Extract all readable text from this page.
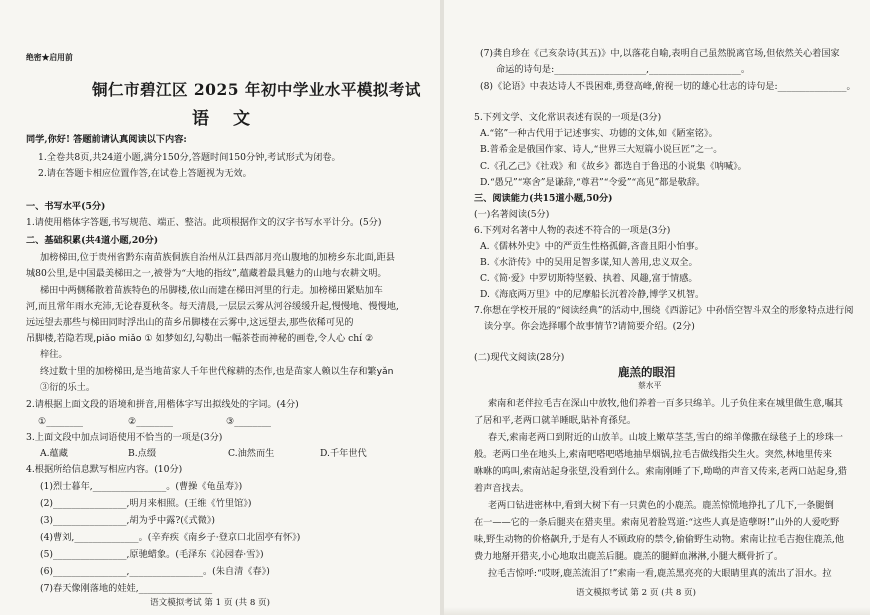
绝密★启用前
铜仁市碧江区 2025 年初中学业水平模拟考试
语文
同学,你好! 答题前请认真阅读以下内容:
1.全卷共8页,共24道小题,满分150分,答题时间150分钟,考试形式为闭卷。
2.请在答题卡相应位置作答,在试卷上答题视为无效。
一、书写水平(5分)
1.请使用楷体字答题,书写规范、端正、整洁。此项根据作文的汉字书写水平计分。(5分)
二、基础积累(共4道小题,20分)
加榜梯田,位于贵州省黔东南苗族侗族自治州从江县西部月亮山腹地的加榜乡东北面,距县
城80公里,是中国最美梯田之一,被誉为“大地的指纹”,蕴藏着最具魅力的山地与农耕文明。
梯田中两侧稀散着苗族特色的吊脚楼,依山而建在梯田河里的行走。加榜梯田紧贴加车
河,而且常年雨水充沛,无论春夏秋冬。每天清晨,一层层云雾从河谷缓缓升起,慢慢地、慢慢地,
远远望去那些与梯田同时浮出山的苗乡吊脚楼在云雾中,这远望去,那些依稀可见的
吊脚楼,若隐若现,piǎo miǎo ① 如梦如幻,勾勒出一幅茶苍而神秘的画卷,令人心 chí ②
梓往。
终过数十里的加榜梯田,是当地苗家人千年世代稼耕的杰作,也是苗家人赖以生存和繁yǎn
③衍的乐土。
2.请根据上面文段的语境和拼音,用楷体字写出拟线处的字词。(4分)
①________	②________	③________
3.上面文段中加点词语使用不恰当的一项是(3分)
A.蕴藏	B.点缀	C.油然而生	D.千年世代
4.根据所给信息默写相应内容。(10分)
(1)烈士暮年,________________。(曹操《龟虽寿》)
(2)________________,明月来相照。(王维《竹里馆》)
(3)________________,胡为乎中露?(《式微》)
(4)曹刘,______________。(辛弃疾《南乡子·登京口北固亭有怀》)
(5)________________,原驰蜡象。(毛泽东《沁园春·雪》)
(6)________________,________________。(朱自清《春》)
(7)春天像刚落地的娃娃,________________
语文模拟考试 第 1 页 (共 8 页)
(7)龚自珍在《己亥杂诗(其五)》中,以落花自喻,表明自己虽然脱离官场,但依然关心着国家
命运的诗句是:____________________,____________________。
(8)《论语》中表达诗人不畏困难,勇登高峰,俯视一切的雄心壮志的诗句是:_______________。
5.下列文学、文化常识表述有误的一项是(3分)
A.“铭”一种古代用于记述事实、功德的文体,如《陋室铭》。
B.普希金是俄国作家、诗人,“世界三大短篇小说巨匠”之一。
C.《孔乙己》《社戏》和《故乡》都选自于鲁迅的小说集《呐喊》。
D.“愚兄”“寒舍”是谦辞,“尊君”“令爱”“高见”都是敬辞。
三、阅读能力(共15道小题,50分)
(一)名著阅读(5分)
6.下列对名著中人物的表述不符合的一项是(3分)
A.《儒林外史》中的严贡生性格孤僻,吝啬且阳小怕事。
B.《水浒传》中的吴用足智多谋,知人善用,忠义双全。
C.《简·爱》中罗切斯特坚毅、执着、风趣,富于情感。
D.《海底两万里》中的尼摩船长沉着冷静,博学又机智。
7.你想在学校开展的“阅读经典”的活动中,围绕《西游记》中孙悟空智斗双全的形象特点进行阅
读分享。你会选择哪个故事情节?请简要介绍。(2分)
(二)现代文阅读(28分)
鹿羔的眼泪
蔡水平
索南和老伴拉毛吉在深山中放牧,他们养着一百多只绵羊。儿子负住来在城里做生意,嘱其
了居和平,老两口就羊睡眠,貼补育孫兒。
春天,索南老两口到附近的山放羊。山坡上嫩草茎茎,雪白的绵羊像撒在绿毯子上的珍珠一
般。老两口坐在地头上,索南吧嗒吧嗒地抽旱烟锅,拉毛吉做线指尖生火。突然,林地里传来
咻咻的呜叫,索南站起身张望,没看到什么。索南刚睡了下,呦呦的声音又传来,老两口站起身,猎
着声音找去。
老两口钻进密林中,看到大树下有一只黄色的小鹿羔。鹿羔惊慌地挣扎了几下,一条腿倒
在一——它的一条后腿夹在猎夹里。索南见着脸骂道:“这些人真是造孽呀!”山外的人爱吃野
味,野生动物的价格飙升,于是有人不顾政府的禁令,偷偷野生动物。索南让拉毛吉抱住鹿羔,他
费力地掰开猎夹,小心地取出鹿羔后腿。鹿羔的腿鲜血淋淋,小腿大概骨折了。
拉毛吉惊呼:“哎呀,鹿羔流泪了!”索南一看,鹿羔黑亮亮的大眼睛里真的流出了泪水。拉
语文模拟考试 第 2 页 (共 8 页)
